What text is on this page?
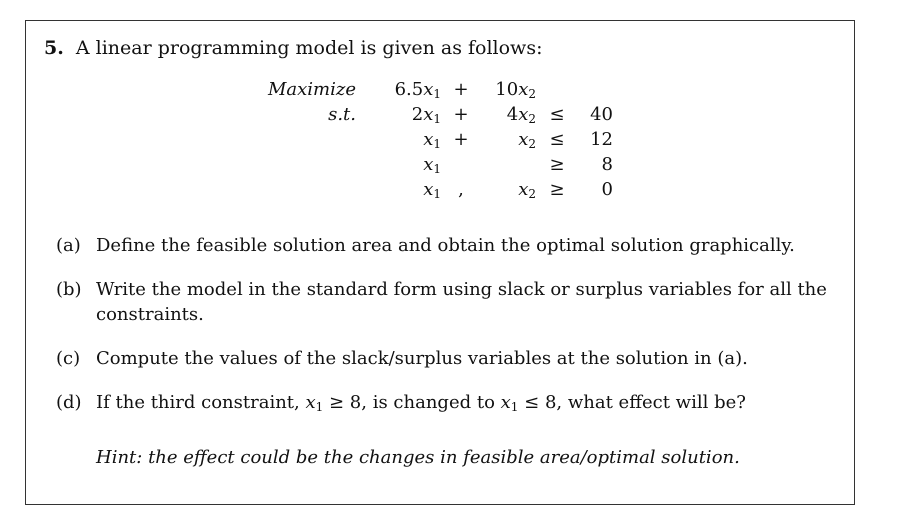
5. A linear programming model is given as follows:
Maximize	$6.5x_1$ +	$10x_2$
s.t.	$2x_1$ +	$4x_2$ ≤	40
$x_1$ +	$x_2$ ≤	12
$x_1$	≥	8
$x_1$ ,	$x_2$ ≥	0
(a) Define the feasible solution area and obtain the optimal solution graphically.
(b) Write the model in the standard form using slack or surplus variables for all the constraints.
(c) Compute the values of the slack/surplus variables at the solution in (a).
(d) If the third constraint, $x_1 \ge 8$, is changed to $x_1 \le 8$, what effect will be?
Hint: the effect could be the changes in feasible area/optimal solution.
